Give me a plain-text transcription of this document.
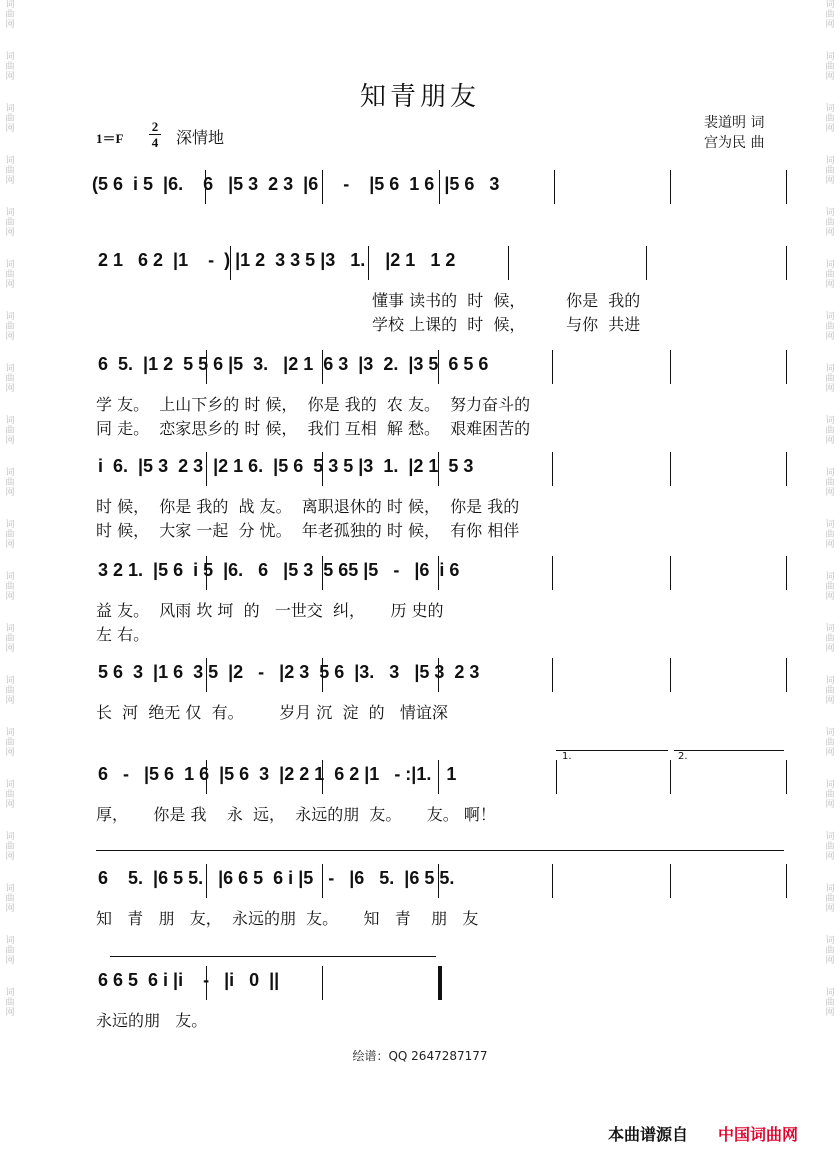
词曲网
词曲网
词曲网
词曲网
词曲网
词曲网
词曲网
词曲网
词曲网
词曲网
词曲网
词曲网
词曲网
词曲网
词曲网
词曲网
词曲网
词曲网
词曲网
词曲网
词曲网
词曲网
词曲网
词曲网
词曲网
词曲网
词曲网
词曲网
词曲网
词曲网
词曲网
词曲网
词曲网
词曲网
词曲网
词曲网
词曲网
词曲网
词曲网
词曲网
知青朋友
1＝F
2
4 深情地
裴道明 词
宫为民 曲
(5 6  i 5  |6.    6   |5 3  2 3  |6     -    |5 6  1 6  |5 6   3
2 1   6 2  |1    -  ) |1 2  3 3 5 |3   1.    |2 1   1 2
懂事 读书的  时  候，        你是  我的
学校 上课的  时  候，        与你  共进
6  5.  |1 2  5 5 6 |5  3.   |2 1  6 3  |3  2.  |3 5  6 5 6
学 友。  上山下乡的 时 候，  你是 我的  农 友。  努力奋斗的
同 走。  恋家思乡的 时 候，  我们 互相  解 愁。  艰难困苦的
i  6.  |5 3  2 3  |2 1 6.  |5 6  5 3 5 |3  1.  |2 1  5 3
时 候，  你是 我的  战 友。  离职退休的 时 候，  你是 我的
时 候，  大家 一起  分 忧。  年老孤独的 时 候，  有你 相伴
3 2 1.  |5 6  i 5  |6.   6   |5 3  5 65 |5   -   |6  i 6
益 友。  风雨 坎 坷  的   一世交  纠，     历 史的
左 右。
5 6  3  |1 6  3 5  |2   -   |2 3  5 6  |3.   3   |5 3  2 3
长  河  绝无 仅  有。       岁月 沉  淀  的   情谊深
1.	2.
6   -   |5 6  1 6  |5 6  3  |2 2 1  6 2 |1   - :|1.   1
厚，     你是 我    永  远，  永远的朋  友。     友。 啊！
6    5.  |6 5 5.   |6 6 5  6 i |5   -   |6   5.  |6 5 5.
知   青   朋   友，  永远的朋  友。     知   青    朋   友
6 6 5  6 i |i    -   |i   0  ||
永远的朋   友。
绘谱：QQ 2647287177
本曲谱源自 中国词曲网
